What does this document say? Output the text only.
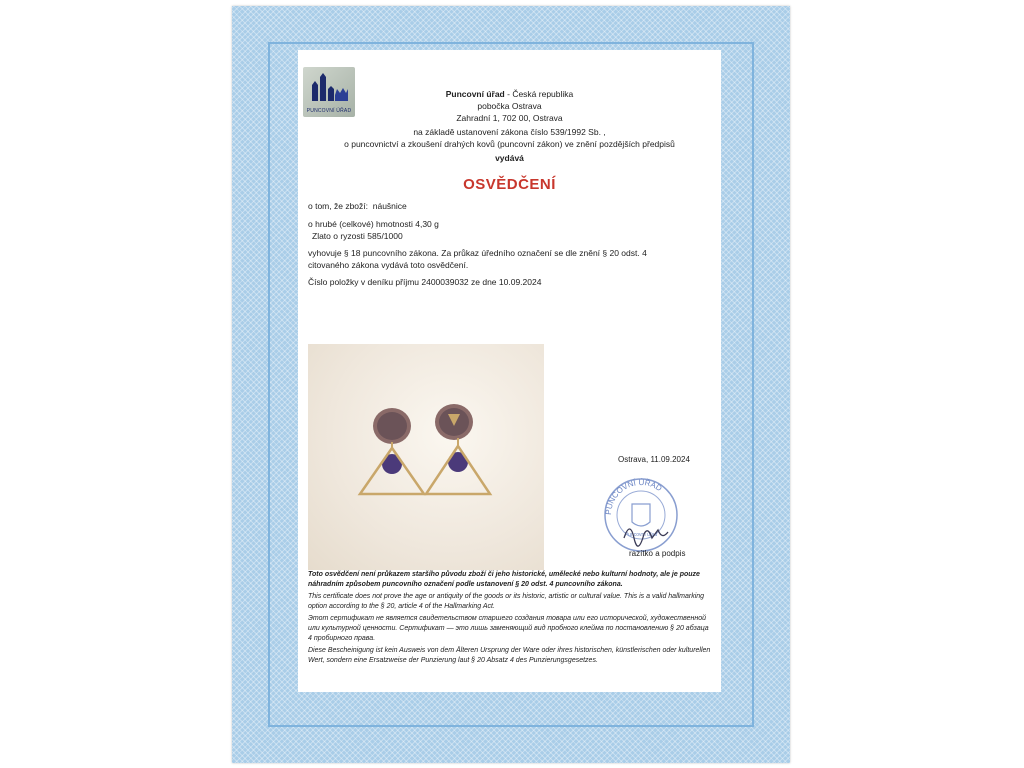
PUNCOVNÍ ÚŘAD
Puncovní úřad - Česká republika
pobočka Ostrava
Zahradní 1, 702 00, Ostrava
na základě ustanovení zákona číslo 539/1992 Sb. ,
o puncovnictví a zkoušení drahých kovů (puncovní zákon) ve znění pozdějších předpisů
vydává
OSVĚDČENÍ
o tom, že zboží: náušnice
o hrubé (celkové) hmotnosti 4,30 g
Zlato o ryzosti 585/1000
vyhovuje § 18 puncovního zákona. Za průkaz úředního označení se dle znění § 20 odst. 4
citovaného zákona vydává toto osvědčení.
Číslo položky v deníku příjmu 2400039032 ze dne 10.09.2024
Ostrava, 11.09.2024
PUNCOVNÍ ÚŘAD
Puncovní úřad
razítko a podpis

Toto osvědčení není průkazem staršího původu zboží či jeho historické, umělecké nebo kulturní hodnoty, ale je pouze náhradním způsobem puncovního označení podle ustanovení § 20 odst. 4 puncovního zákona.

This certificate does not prove the age or antiquity of the goods or its historic, artistic or cultural value. This is a valid hallmarking option according to the § 20, article 4 of the Hallmarking Act.

Этот сертификат не является свидетельством старшего создания товара или его исторической, художественной или культурной ценности. Сертификат — это лишь заменяющий вид пробного клейма по постановлению § 20 абзаца 4 пробирного права.

Diese Bescheinigung ist kein Ausweis von dem Älteren Ursprung der Ware oder ihres historischen, künstlerischen oder kulturellen Wert, sondern eine Ersatzweise der Punzierung laut § 20 Absatz 4 des Punzierungsgesetzes.
